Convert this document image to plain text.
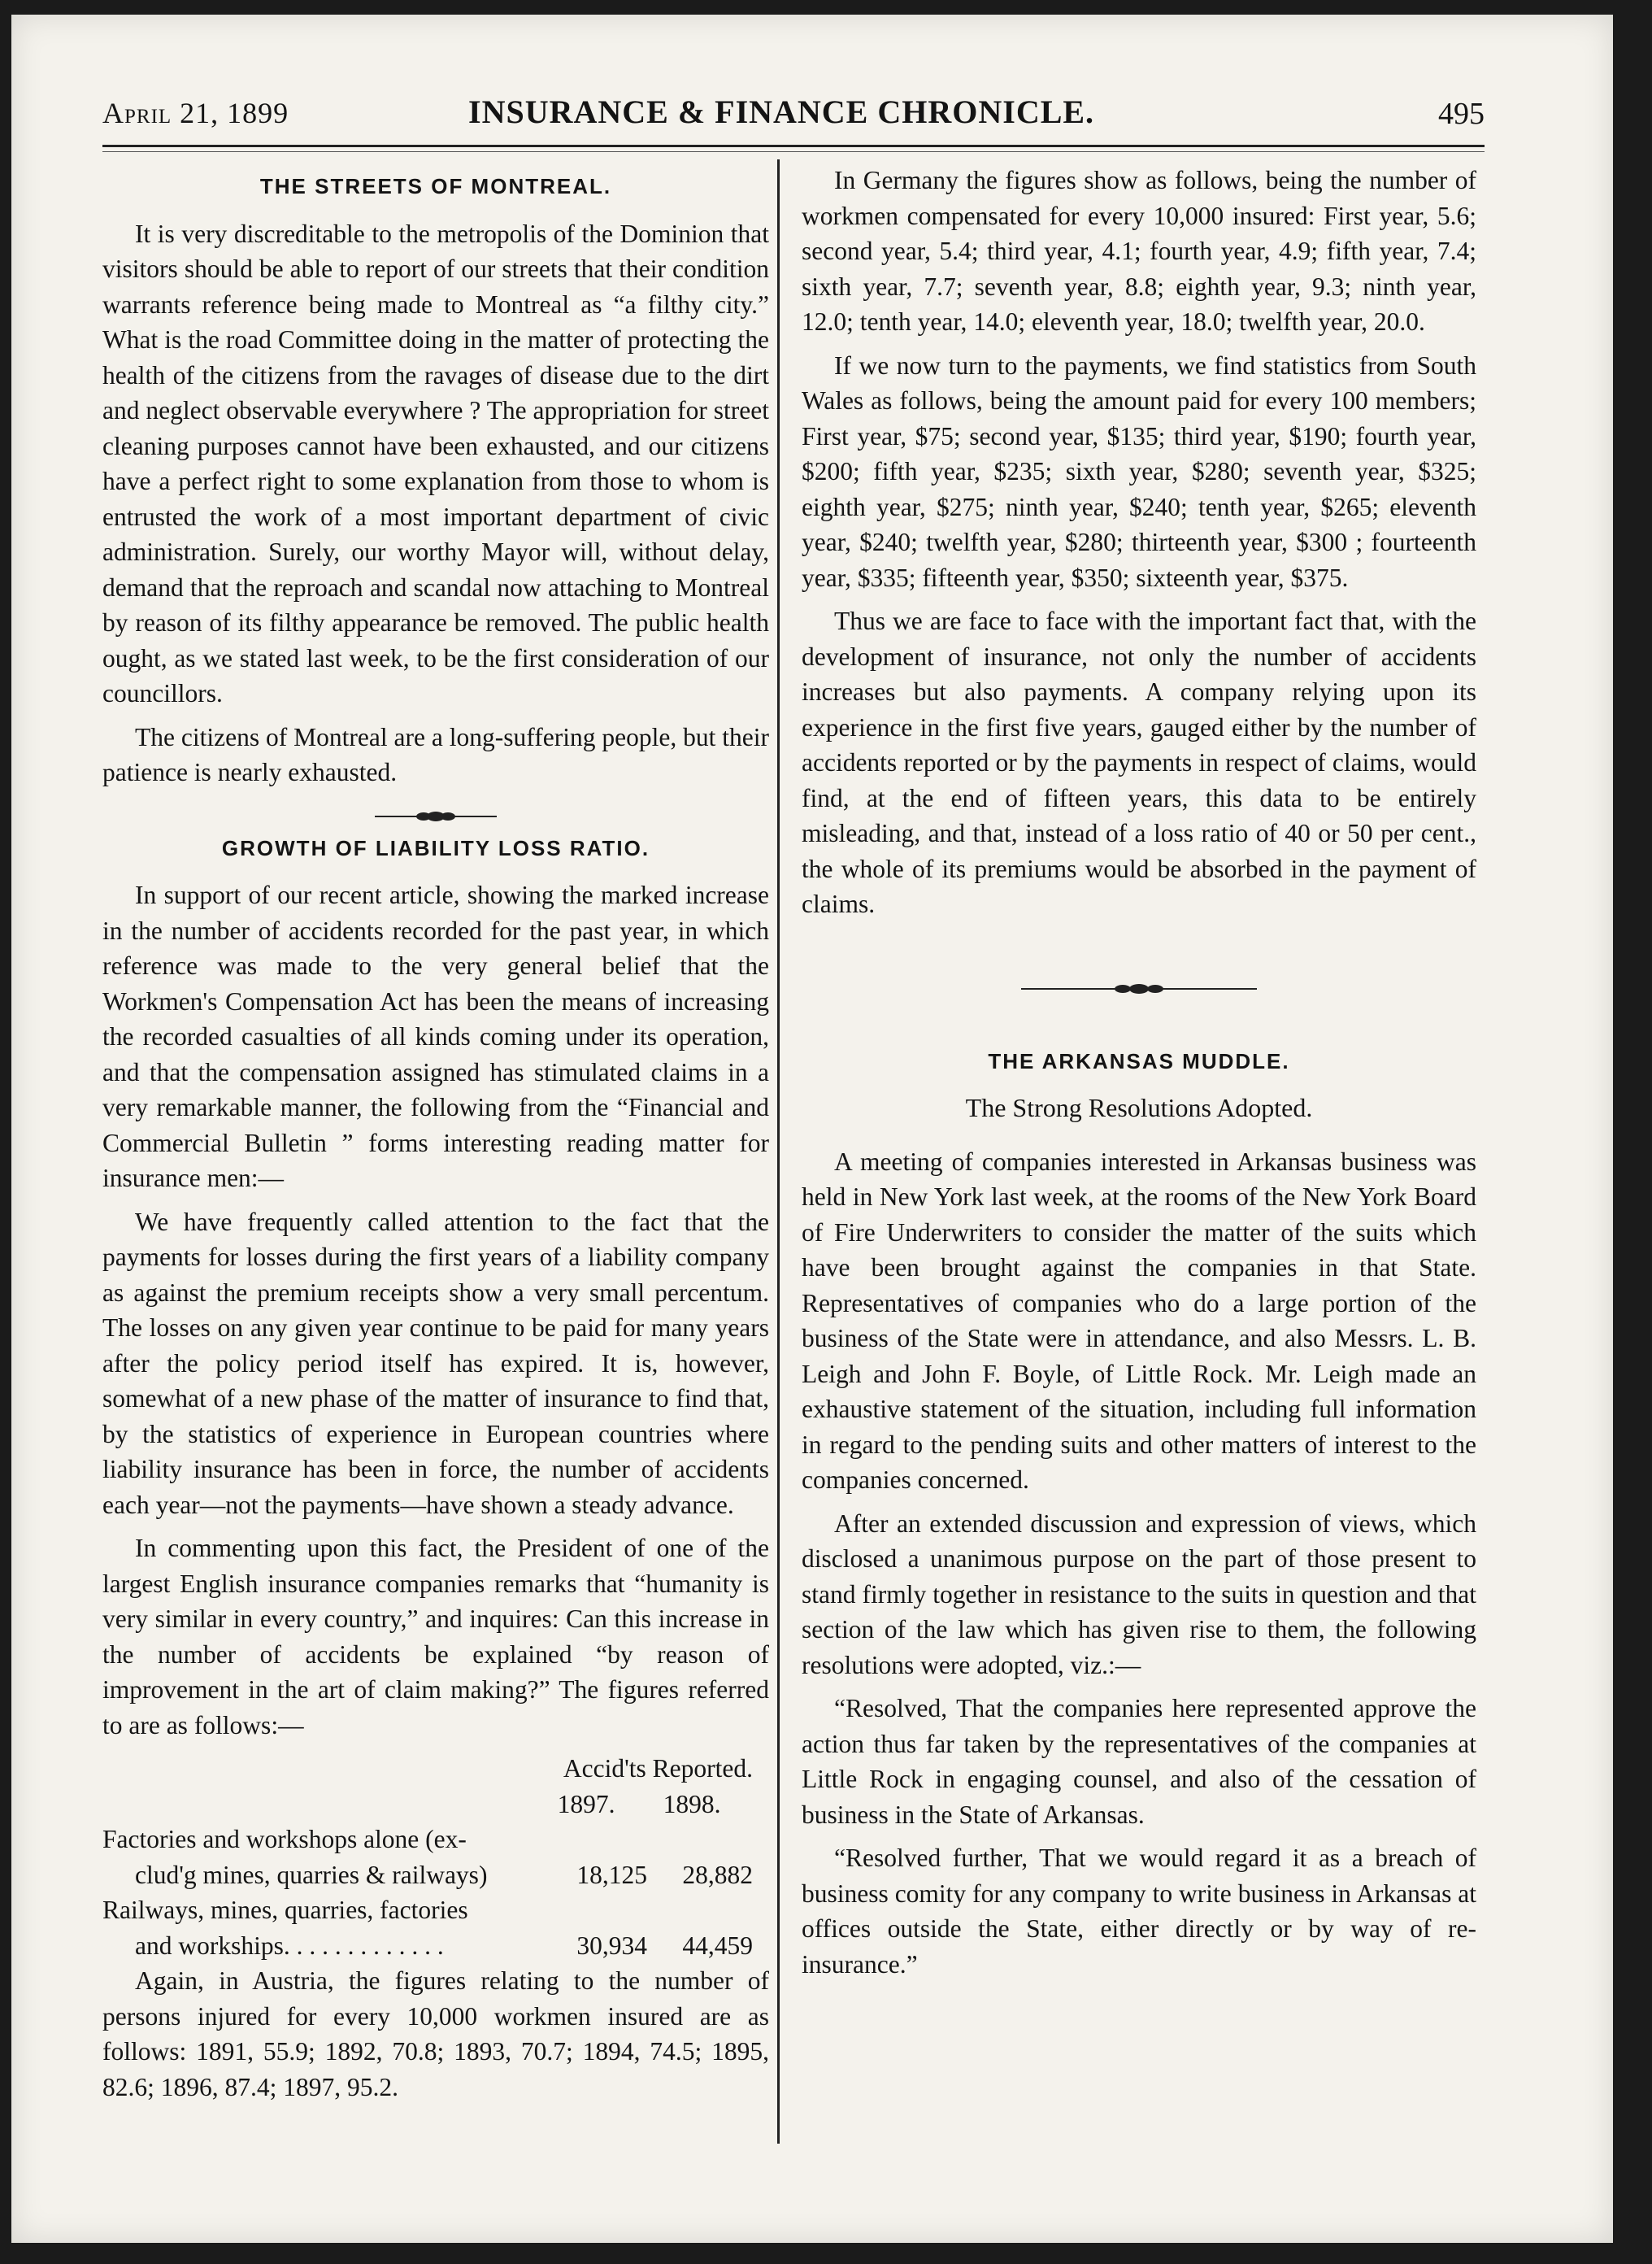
April 21, 1899	INSURANCE & FINANCE CHRONICLE.	495
THE STREETS OF MONTREAL.

It is very discreditable to the metropolis of the Dominion that visitors should be able to report of our streets that their condition warrants reference being made to Montreal as “a filthy city.” What is the road Committee doing in the matter of protecting the health of the citizens from the ravages of disease due to the dirt and neglect observable everywhere ? The appropriation for street cleaning purposes cannot have been exhausted, and our citizens have a perfect right to some explanation from those to whom is entrusted the work of a most important department of civic administration. Surely, our worthy Mayor will, without delay, demand that the reproach and scandal now attaching to Montreal by reason of its filthy appearance be removed. The public health ought, as we stated last week, to be the first consideration of our councillors.

The citizens of Montreal are a long-suffering people, but their patience is nearly exhausted.

GROWTH OF LIABILITY LOSS RATIO.

In support of our recent article, showing the marked increase in the number of accidents recorded for the past year, in which reference was made to the very general belief that the Workmen's Compensation Act has been the means of increasing the recorded casualties of all kinds coming under its operation, and that the compensation assigned has stimulated claims in a very remarkable manner, the following from the “Financial and Commercial Bulletin ” forms interesting reading matter for insurance men:—

We have frequently called attention to the fact that the payments for losses during the first years of a liability company as against the premium receipts show a very small percentum. The losses on any given year continue to be paid for many years after the policy period itself has expired. It is, however, somewhat of a new phase of the matter of insurance to find that, by the statistics of experience in European countries where liability insurance has been in force, the number of accidents each year—not the payments—have shown a steady advance.

In commenting upon this fact, the President of one of the largest English insurance companies remarks that “humanity is very similar in every country,” and inquires: Can this increase in the number of accidents be explained “by reason of improvement in the art of claim making?” The figures referred to are as follows:—

Accid'ts Reported.
1897. 1898.
Factories and workshops alone (ex-
clud'g mines, quarries & railways)	18,125 28,882
Railways, mines, quarries, factories
and workships. . . . . . . . . . . . .	30,934 44,459

Again, in Austria, the figures relating to the number of persons injured for every 10,000 workmen insured are as follows: 1891, 55.9; 1892, 70.8; 1893, 70.7; 1894, 74.5; 1895, 82.6; 1896, 87.4; 1897, 95.2.

In Germany the figures show as follows, being the number of workmen compensated for every 10,000 insured: First year, 5.6; second year, 5.4; third year, 4.1; fourth year, 4.9; fifth year, 7.4; sixth year, 7.7; seventh year, 8.8; eighth year, 9.3; ninth year, 12.0; tenth year, 14.0; eleventh year, 18.0; twelfth year, 20.0.

If we now turn to the payments, we find statistics from South Wales as follows, being the amount paid for every 100 members; First year, $75; second year, $135; third year, $190; fourth year, $200; fifth year, $235; sixth year, $280; seventh year, $325; eighth year, $275; ninth year, $240; tenth year, $265; eleventh year, $240; twelfth year, $280; thirteenth year, $300 ; fourteenth year, $335; fifteenth year, $350; sixteenth year, $375.

Thus we are face to face with the important fact that, with the development of insurance, not only the number of accidents increases but also payments. A company relying upon its experience in the first five years, gauged either by the number of accidents reported or by the payments in respect of claims, would find, at the end of fifteen years, this data to be entirely misleading, and that, instead of a loss ratio of 40 or 50 per cent., the whole of its premiums would be absorbed in the payment of claims.

THE ARKANSAS MUDDLE.
The Strong Resolutions Adopted.

A meeting of companies interested in Arkansas business was held in New York last week, at the rooms of the New York Board of Fire Underwriters to consider the matter of the suits which have been brought against the companies in that State. Representatives of companies who do a large portion of the business of the State were in attendance, and also Messrs. L. B. Leigh and John F. Boyle, of Little Rock. Mr. Leigh made an exhaustive statement of the situation, including full information in regard to the pending suits and other matters of interest to the companies concerned.

After an extended discussion and expression of views, which disclosed a unanimous purpose on the part of those present to stand firmly together in resistance to the suits in question and that section of the law which has given rise to them, the following resolutions were adopted, viz.:—

“Resolved, That the companies here represented approve the action thus far taken by the representatives of the companies at Little Rock in engaging counsel, and also of the cessation of business in the State of Arkansas.

“Resolved further, That we would regard it as a breach of business comity for any company to write business in Arkansas at offices outside the State, either directly or by way of re-insurance.”
